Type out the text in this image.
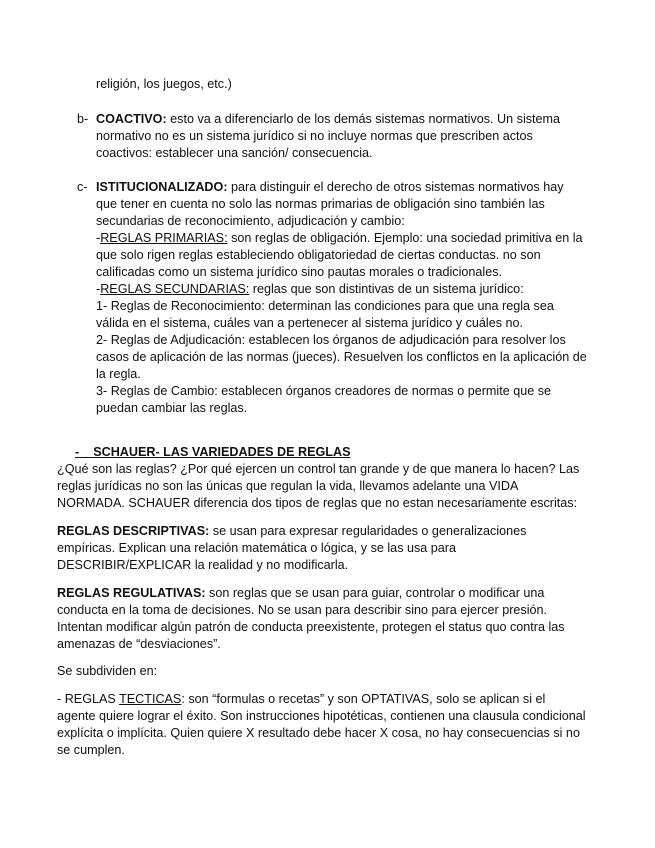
religión, los juegos, etc.)
b- COACTIVO: esto va a diferenciarlo de los demás sistemas normativos. Un sistema
normativo no es un sistema jurídico si no incluye normas que prescriben actos
coactivos: establecer una sanción/ consecuencia.
c- ISTITUCIONALIZADO: para distinguir el derecho de otros sistemas normativos hay
que tener en cuenta no solo las normas primarias de obligación sino también las
secundarias de reconocimiento, adjudicación y cambio:
-REGLAS PRIMARIAS: son reglas de obligación. Ejemplo: una sociedad primitiva en la
que solo rigen reglas estableciendo obligatoriedad de ciertas conductas. no son
calificadas como un sistema jurídico sino pautas morales o tradicionales.
-REGLAS SECUNDARIAS: reglas que son distintivas de un sistema jurídico:
1- Reglas de Reconocimiento: determinan las condiciones para que una regla sea
válida en el sistema, cuáles van a pertenecer al sistema jurídico y cuáles no.
2- Reglas de Adjudicación: establecen los órganos de adjudicación para resolver los
casos de aplicación de las normas (jueces). Resuelven los conflictos en la aplicación de
la regla.
3- Reglas de Cambio: establecen órganos creadores de normas o permite que se
puedan cambiar las reglas.
- SCHAUER- LAS VARIEDADES DE REGLAS
¿Qué son las reglas? ¿Por qué ejercen un control tan grande y de que manera lo hacen? Las
reglas jurídicas no son las únicas que regulan la vida, llevamos adelante una VIDA
NORMADA. SCHAUER diferencia dos tipos de reglas que no estan necesariamente escritas:
REGLAS DESCRIPTIVAS: se usan para expresar regularidades o generalizaciones
empíricas. Explican una relación matemática o lógica, y se las usa para
DESCRIBIR/EXPLICAR la realidad y no modificarla.
REGLAS REGULATIVAS: son reglas que se usan para guiar, controlar o modificar una
conducta en la toma de decisiones. No se usan para describir sino para ejercer presión.
Intentan modificar algún patrón de conducta preexistente, protegen el status quo contra las
amenazas de “desviaciones”.
Se subdividen en:
- REGLAS TECTICAS: son “formulas o recetas” y son OPTATIVAS, solo se aplican si el
agente quiere lograr el éxito. Son instrucciones hipotéticas, contienen una clausula condicional
explícita o implícita. Quien quiere X resultado debe hacer X cosa, no hay consecuencias si no
se cumplen.
